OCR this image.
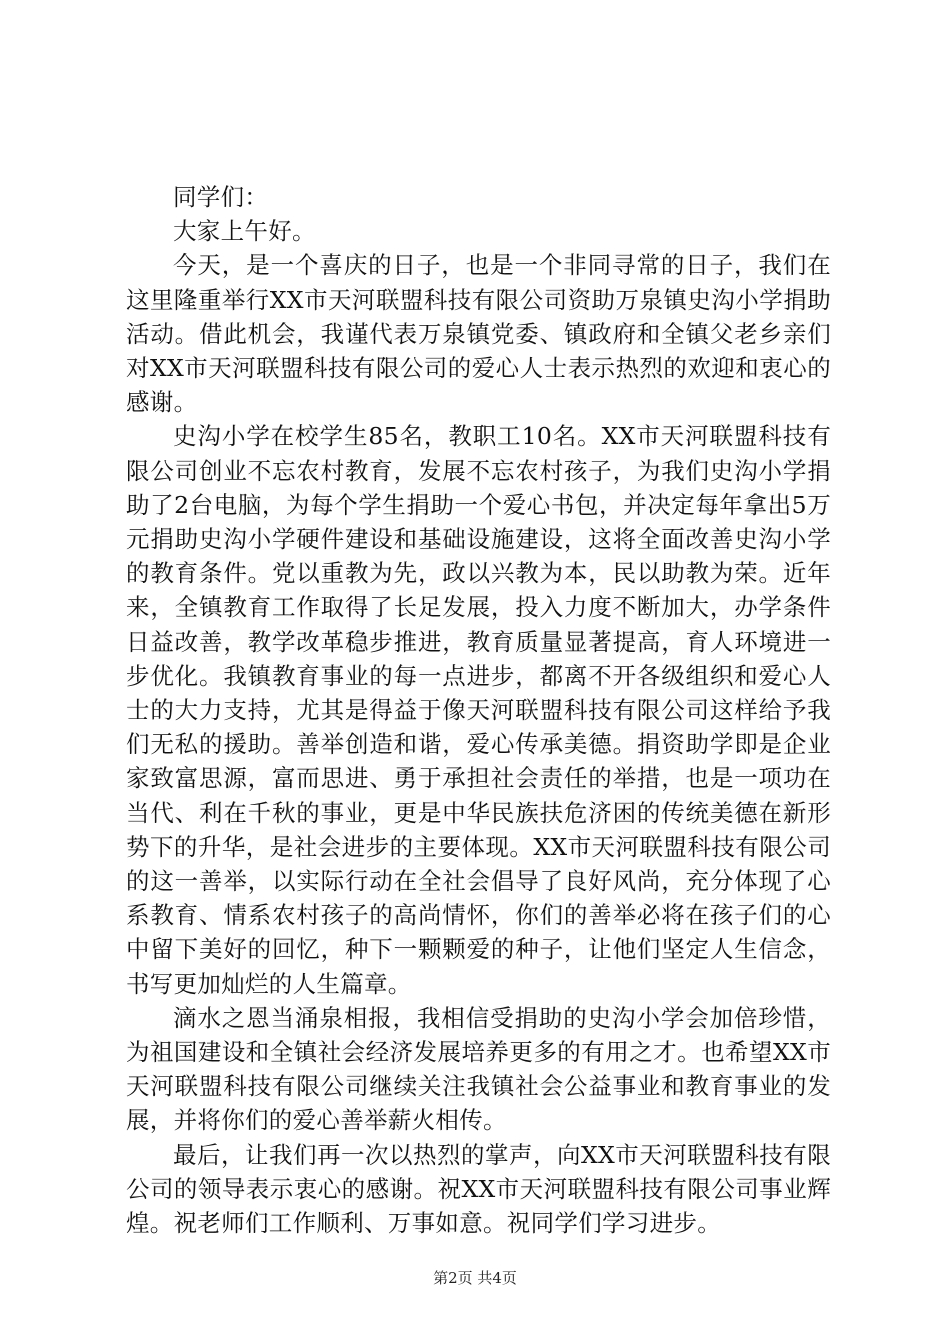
同学们：

大家上午好。

今天，是一个喜庆的日子，也是一个非同寻常的日子，我们在这里隆重举行XX市天河联盟科技有限公司资助万泉镇史沟小学捐助活动。借此机会，我谨代表万泉镇党委、镇政府和全镇父老乡亲们对XX市天河联盟科技有限公司的爱心人士表示热烈的欢迎和衷心的感谢。

史沟小学在校学生85名，教职工10名。XX市天河联盟科技有限公司创业不忘农村教育，发展不忘农村孩子，为我们史沟小学捐助了2台电脑，为每个学生捐助一个爱心书包，并决定每年拿出5万元捐助史沟小学硬件建设和基础设施建设，这将全面改善史沟小学的教育条件。党以重教为先，政以兴教为本，民以助教为荣。近年来，全镇教育工作取得了长足发展，投入力度不断加大，办学条件日益改善，教学改革稳步推进，教育质量显著提高，育人环境进一步优化。我镇教育事业的每一点进步，都离不开各级组织和爱心人士的大力支持，尤其是得益于像天河联盟科技有限公司这样给予我们无私的援助。善举创造和谐，爱心传承美德。捐资助学即是企业家致富思源，富而思进、勇于承担社会责任的举措，也是一项功在当代、利在千秋的事业，更是中华民族扶危济困的传统美德在新形势下的升华，是社会进步的主要体现。XX市天河联盟科技有限公司的这一善举，以实际行动在全社会倡导了良好风尚，充分体现了心系教育、情系农村孩子的高尚情怀，你们的善举必将在孩子们的心中留下美好的回忆，种下一颗颗爱的种子，让他们坚定人生信念，书写更加灿烂的人生篇章。

滴水之恩当涌泉相报，我相信受捐助的史沟小学会加倍珍惜，为祖国建设和全镇社会经济发展培养更多的有用之才。也希望XX市天河联盟科技有限公司继续关注我镇社会公益事业和教育事业的发展，并将你们的爱心善举薪火相传。

最后，让我们再一次以热烈的掌声，向XX市天河联盟科技有限公司的领导表示衷心的感谢。祝XX市天河联盟科技有限公司事业辉煌。祝老师们工作顺利、万事如意。祝同学们学习进步。

第2页 共4页
